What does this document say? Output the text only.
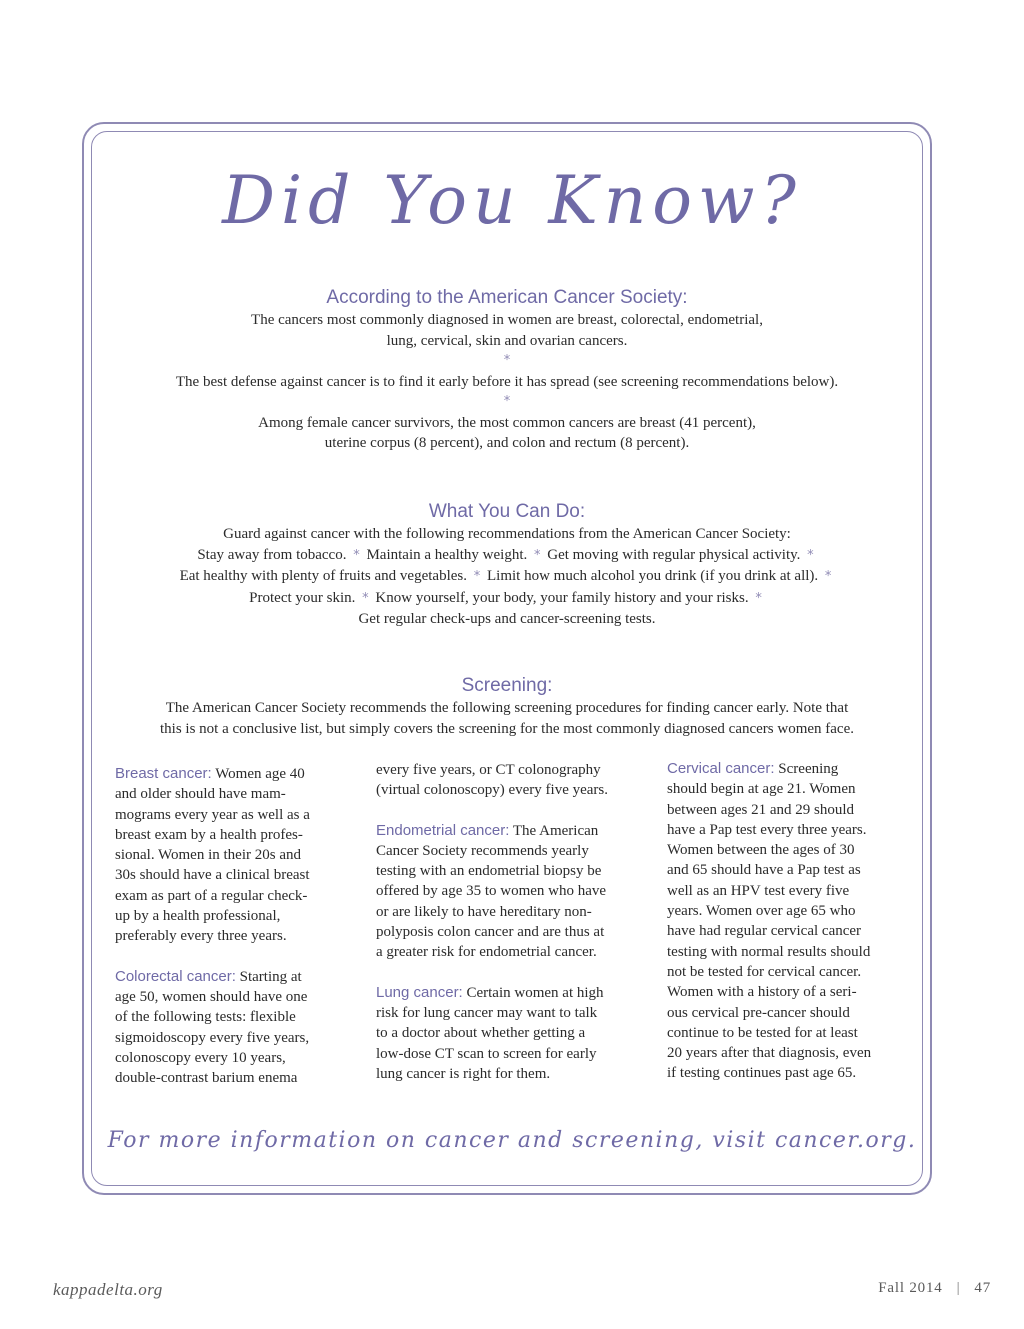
Did You Know?
According to the American Cancer Society:
The cancers most commonly diagnosed in women are breast, colorectal, endometrial,
lung, cervical, skin and ovarian cancers.
*
The best defense against cancer is to find it early before it has spread (see screening recommendations below).
*
Among female cancer survivors, the most common cancers are breast (41 percent),
uterine corpus (8 percent), and colon and rectum (8 percent).
What You Can Do:
Guard against cancer with the following recommendations from the American Cancer Society:
Stay away from tobacco. * Maintain a healthy weight. * Get moving with regular physical activity. *
Eat healthy with plenty of fruits and vegetables. * Limit how much alcohol you drink (if you drink at all). *
Protect your skin. * Know yourself, your body, your family history and your risks. *
Get regular check-ups and cancer-screening tests.
Screening:
The American Cancer Society recommends the following screening procedures for finding cancer early. Note that
this is not a conclusive list, but simply covers the screening for the most commonly diagnosed cancers women face.

Breast cancer: Women age 40

and older should have mam-

mograms every year as well as a

breast exam by a health profes-

sional. Women in their 20s and

30s should have a clinical breast

exam as part of a regular check-

up by a health professional,

preferably every three years.

Colorectal cancer: Starting at

age 50, women should have one

of the following tests: flexible

sigmoidoscopy every five years,

colonoscopy every 10 years,

double-contrast barium enema

every five years, or CT colonography

(virtual colonoscopy) every five years.

Endometrial cancer: The American

Cancer Society recommends yearly

testing with an endometrial biopsy be

offered by age 35 to women who have

or are likely to have hereditary non-

polyposis colon cancer and are thus at

a greater risk for endometrial cancer.

Lung cancer: Certain women at high

risk for lung cancer may want to talk

to a doctor about whether getting a

low-dose CT scan to screen for early

lung cancer is right for them.

Cervical cancer: Screening

should begin at age 21. Women

between ages 21 and 29 should

have a Pap test every three years.

Women between the ages of 30

and 65 should have a Pap test as

well as an HPV test every five

years. Women over age 65 who

have had regular cervical cancer

testing with normal results should

not be tested for cervical cancer.

Women with a history of a seri-

ous cervical pre-cancer should

continue to be tested for at least

20 years after that diagnosis, even

if testing continues past age 65.

For more information on cancer and screening, visit cancer.org.
kappadelta.org	Fall 2014 | 47
